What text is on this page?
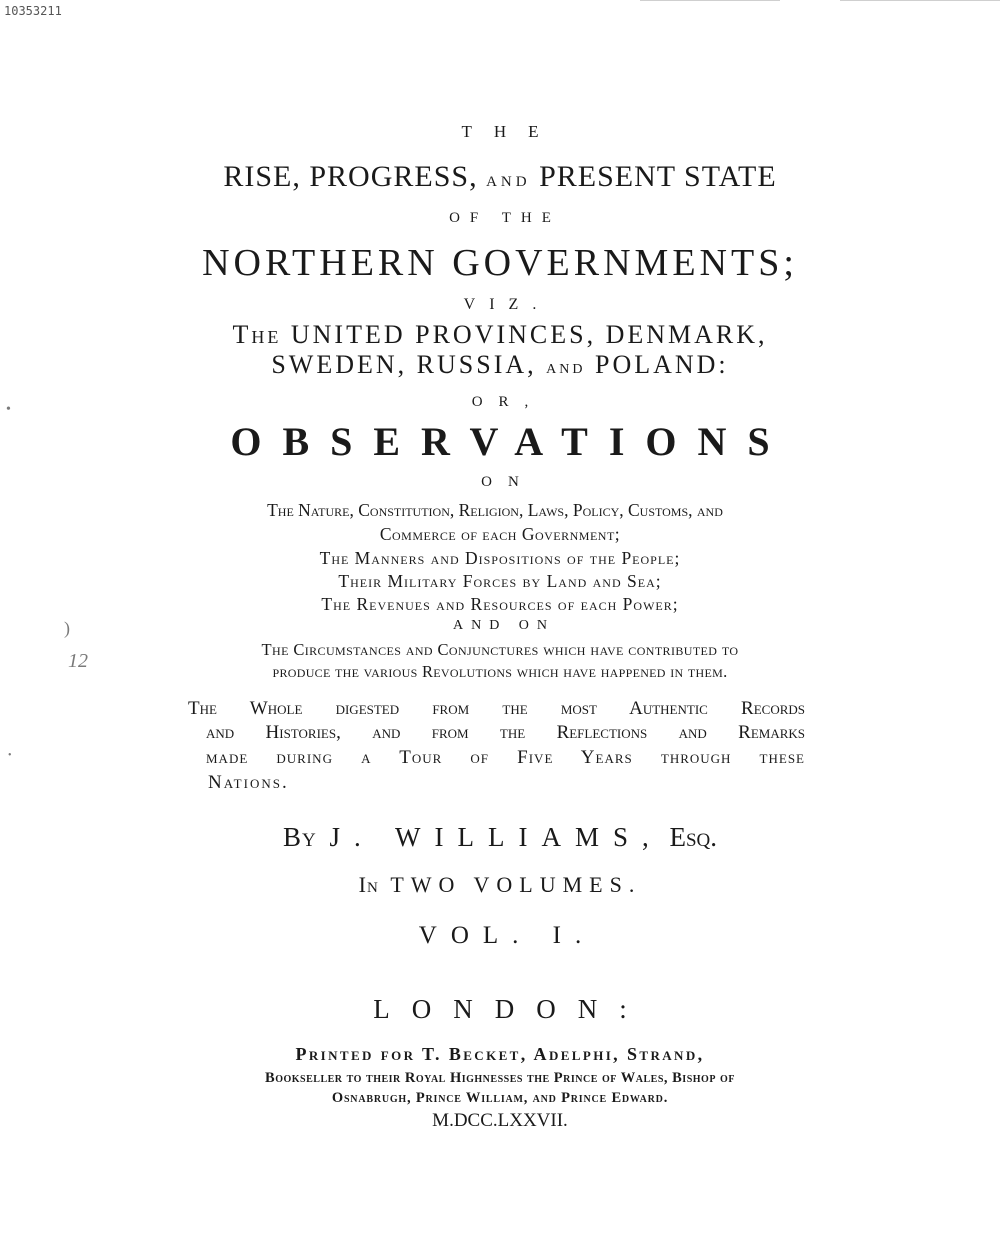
10353211
12
•
)
•
THE
RISE, PROGRESS, AND PRESENT STATE
OF THE
NORTHERN GOVERNMENTS;
VIZ.
The UNITED PROVINCES, DENMARK,
SWEDEN, RUSSIA, AND POLAND:
OR,
OBSERVATIONS
ON
The Nature, Constitution, Religion, Laws, Policy, Customs, and
Commerce of each Government;
The Manners and Dispositions of the People;
Their Military Forces by Land and Sea;
The Revenues and Resources of each Power;
AND ON
The Circumstances and Conjunctures which have contributed to
produce the various Revolutions which have happened in them.
The Whole digested from the most Authentic Records
and Histories, and from the Reflections and Remarks
made during a Tour of Five Years through these
Nations.
By J. WILLIAMS, Esq.
In TWO VOLUMES.
VOL. I.
LONDON:
Printed for T. Becket, Adelphi, Strand,
Bookseller to their Royal Highnesses the Prince of Wales, Bishop of
Osnabrugh, Prince William, and Prince Edward.
M.DCC.LXXVII.
